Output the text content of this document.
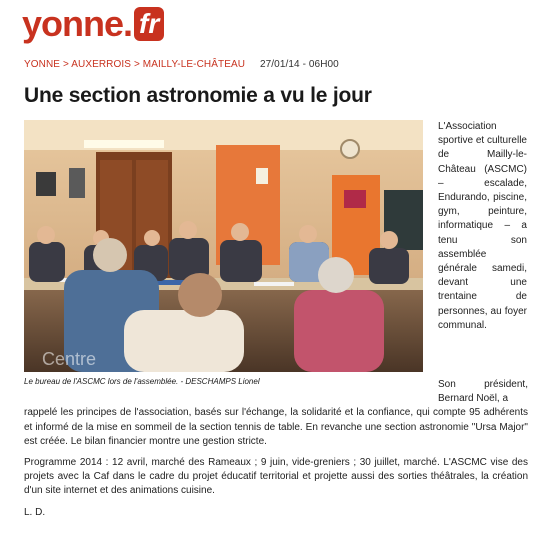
yonne . fr
YONNE > AUXERROIS > MAILLY-LE-CHÂTEAU 27/01/14 - 06H00
Une section astronomie a vu le jour
Centre
Le bureau de l'ASCMC lors de l'assemblée. - DESCHAMPS Lionel

L'Association sportive et culturelle de Mailly-le-Château (ASCMC) – escalade, Endurando, piscine, gym, peinture, informatique – a tenu son assemblée générale samedi, devant une trentaine de personnes, au foyer communal.

Son président, Bernard Noël, a
rappelé les principes de l'association, basés sur l'échange, la solidarité et la confiance, qui compte 95 adhérents et informé de la mise en sommeil de la section tennis de table. En revanche une section astronomie "Ursa Major" est créée. Le bilan financier montre une gestion stricte.

Programme 2014 : 12 avril, marché des Rameaux ; 9 juin, vide-greniers ; 30 juillet, marché. L'ASCMC vise des projets avec la Caf dans le cadre du projet éducatif territorial et projette aussi des sorties théâtrales, la création d'un site internet et des animations cuisine.

L. D.
